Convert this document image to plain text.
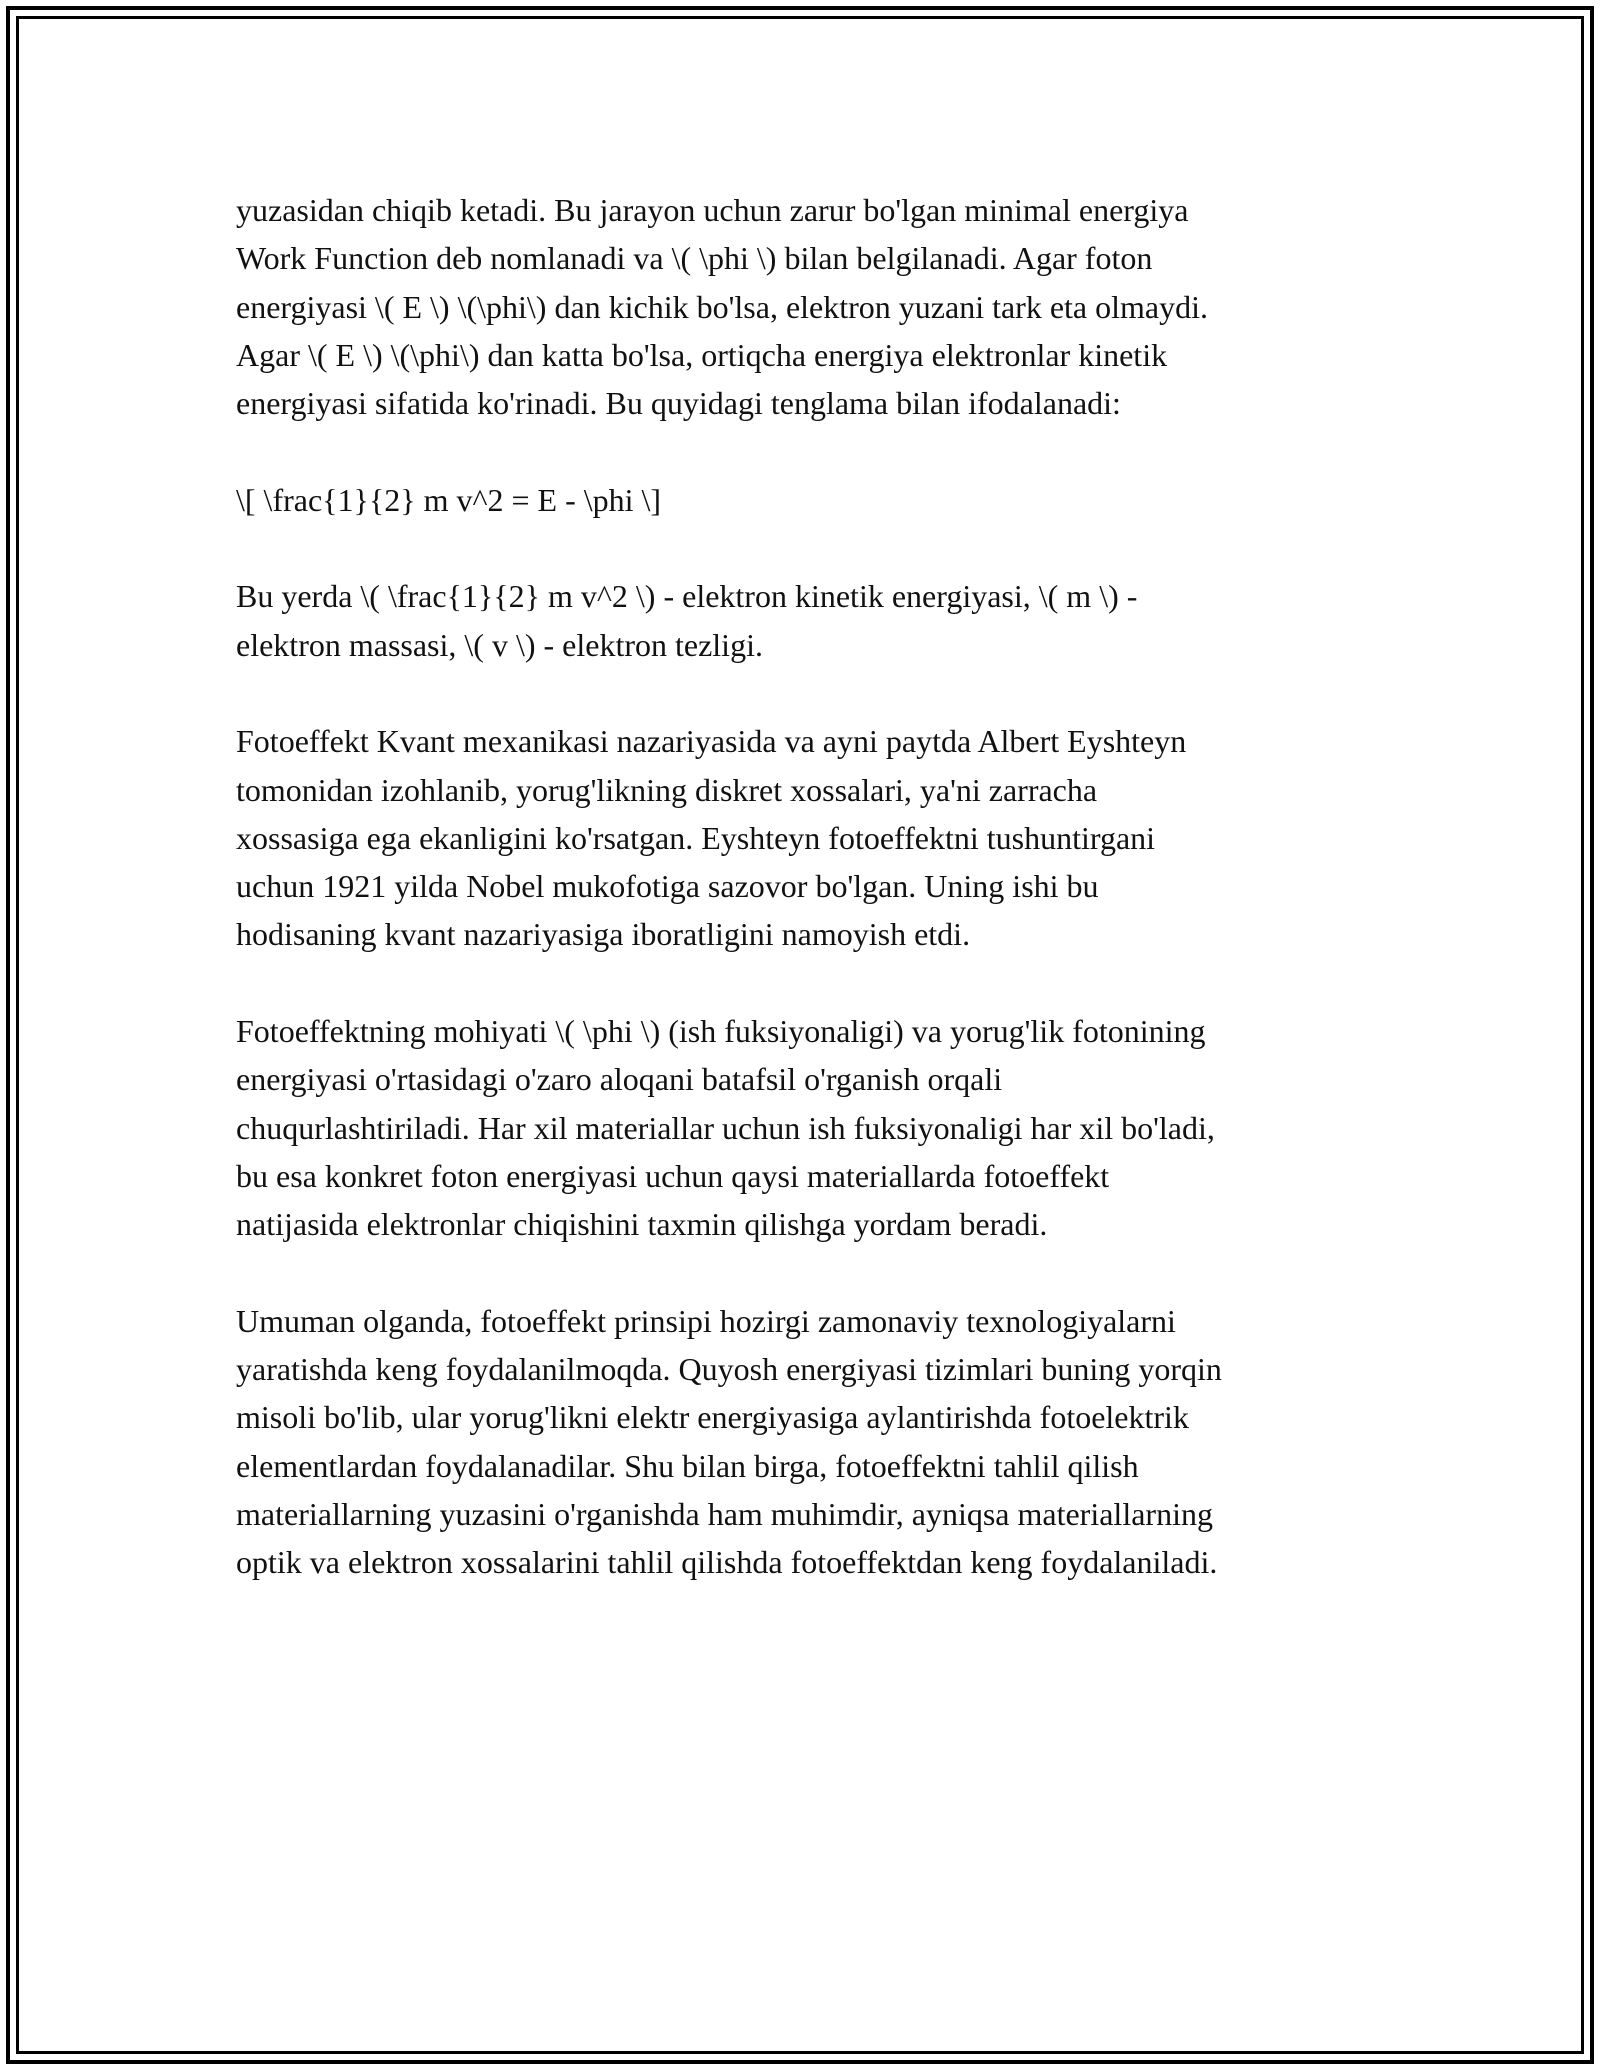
yuzasidan chiqib ketadi. Bu jarayon uchun zarur bo'lgan minimal energiya
Work Function deb nomlanadi va \( \phi \) bilan belgilanadi. Agar foton
energiyasi \( E \) \(\phi\) dan kichik bo'lsa, elektron yuzani tark eta olmaydi.
Agar \( E \) \(\phi\) dan katta bo'lsa, ortiqcha energiya elektronlar kinetik
energiyasi sifatida ko'rinadi. Bu quyidagi tenglama bilan ifodalanadi:

\[ \frac{1}{2} m v^2 = E - \phi \]

Bu yerda \( \frac{1}{2} m v^2 \) - elektron kinetik energiyasi, \( m \) -
elektron massasi, \( v \) - elektron tezligi.

Fotoeffekt Kvant mexanikasi nazariyasida va ayni paytda Albert Eyshteyn
tomonidan izohlanib, yorug'likning diskret xossalari, ya'ni zarracha
xossasiga ega ekanligini ko'rsatgan. Eyshteyn fotoeffektni tushuntirgani
uchun 1921 yilda Nobel mukofotiga sazovor bo'lgan. Uning ishi bu
hodisaning kvant nazariyasiga iboratligini namoyish etdi.

Fotoeffektning mohiyati \( \phi \) (ish fuksiyonaligi) va yorug'lik fotonining
energiyasi o'rtasidagi o'zaro aloqani batafsil o'rganish orqali
chuqurlashtiriladi. Har xil materiallar uchun ish fuksiyonaligi har xil bo'ladi,
bu esa konkret foton energiyasi uchun qaysi materiallarda fotoeffekt
natijasida elektronlar chiqishini taxmin qilishga yordam beradi.

Umuman olganda, fotoeffekt prinsipi hozirgi zamonaviy texnologiyalarni
yaratishda keng foydalanilmoqda. Quyosh energiyasi tizimlari buning yorqin
misoli bo'lib, ular yorug'likni elektr energiyasiga aylantirishda fotoelektrik
elementlardan foydalanadilar. Shu bilan birga, fotoeffektni tahlil qilish
materiallarning yuzasini o'rganishda ham muhimdir, ayniqsa materiallarning
optik va elektron xossalarini tahlil qilishda fotoeffektdan keng foydalaniladi.
